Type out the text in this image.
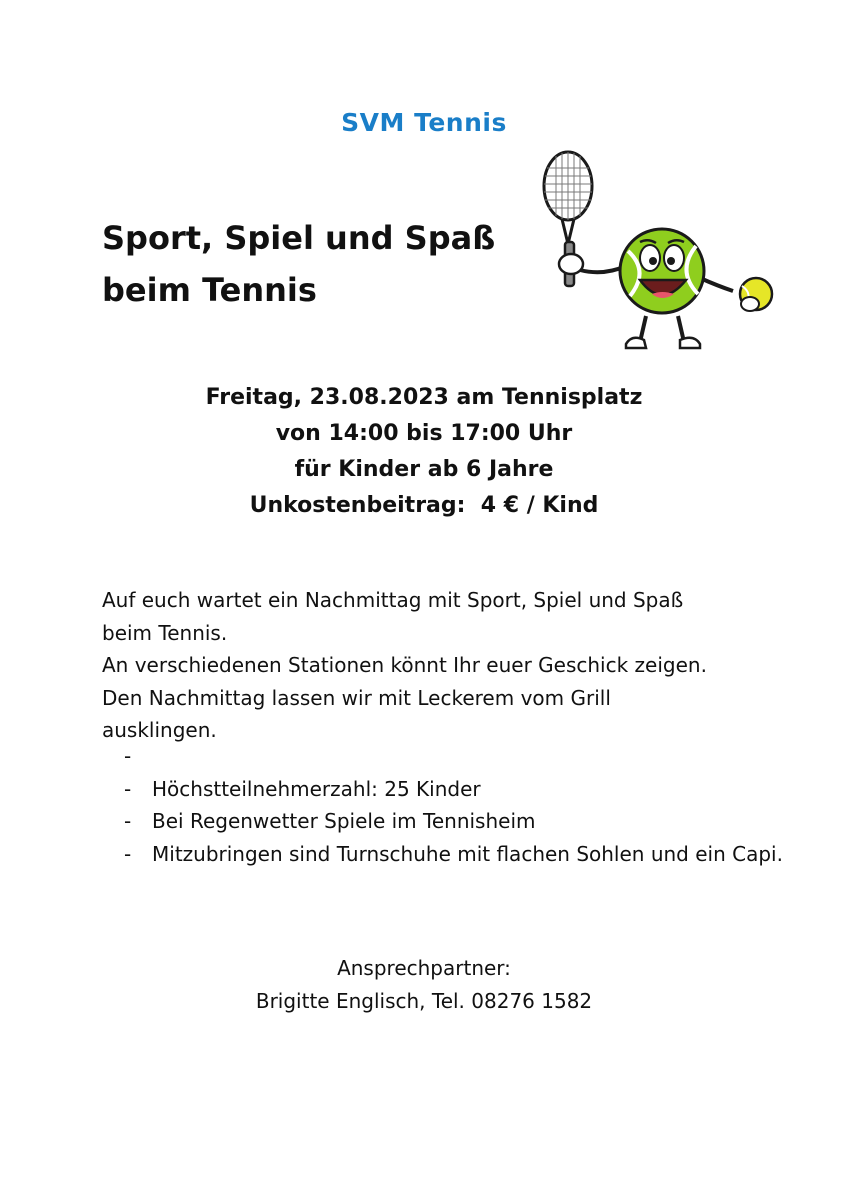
SVM Tennis
Sport, Spiel und Spaß
beim Tennis
Freitag, 23.08.2023 am Tennisplatz
von 14:00 bis 17:00 Uhr
für Kinder ab 6 Jahre
Unkostenbeitrag:  4 € / Kind
Auf euch wartet ein Nachmittag mit Sport, Spiel und Spaß
beim Tennis.
An verschiedenen Stationen könnt Ihr euer Geschick zeigen.
Den Nachmittag lassen wir mit Leckerem vom Grill
ausklingen.
-

- Höchstteilnehmerzahl: 25 Kinder
- Bei Regenwetter Spiele im Tennisheim
- Mitzubringen sind Turnschuhe mit flachen Sohlen und ein Capi.
Ansprechpartner:
Brigitte Englisch, Tel. 08276 1582
